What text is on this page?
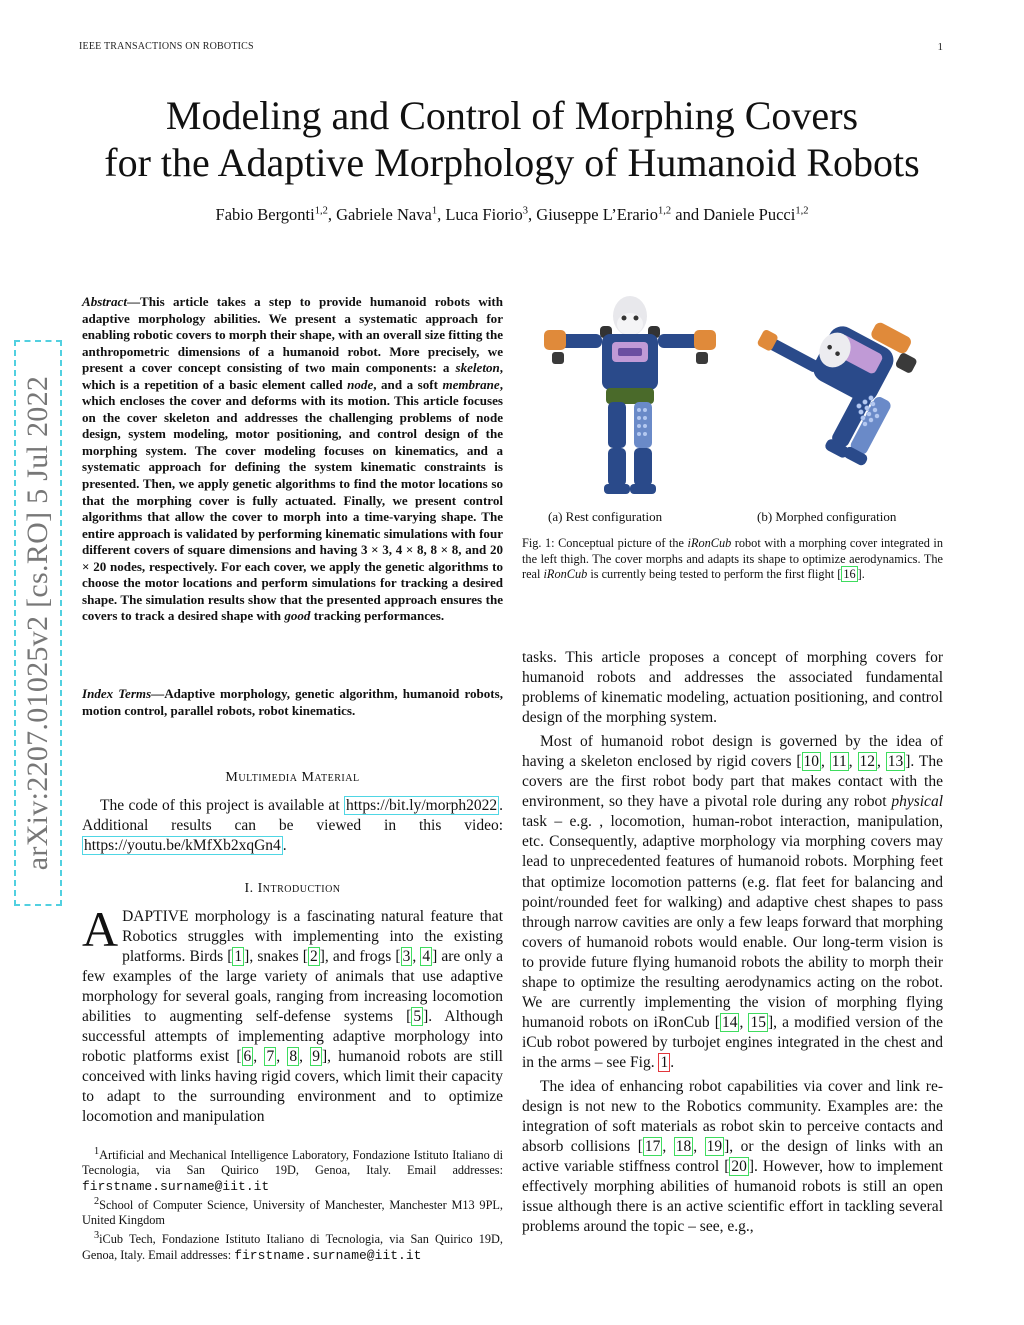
IEEE TRANSACTIONS ON ROBOTICS	1
arXiv:2207.01025v2 [cs.RO] 5 Jul 2022
Modeling and Control of Morphing Covers
for the Adaptive Morphology of Humanoid Robots
Fabio Bergonti$^{1,2}$, Gabriele Nava$^1$, Luca Fiorio$^3$, Giuseppe L’Erario$^{1,2}$ and Daniele Pucci$^{1,2}$
Abstract—This article takes a step to provide humanoid robots with adaptive morphology abilities. We present a systematic approach for enabling robotic covers to morph their shape, with an overall size fitting the anthropometric dimensions of a humanoid robot. More precisely, we present a cover concept consisting of two main components: a skeleton, which is a repetition of a basic element called node, and a soft membrane, which encloses the cover and deforms with its motion. This article focuses on the cover skeleton and addresses the challenging problems of node design, system modeling, motor positioning, and control design of the morphing system. The cover modeling focuses on kinematics, and a systematic approach for defining the system kinematic constraints is presented. Then, we apply genetic algorithms to find the motor locations so that the morphing cover is fully actuated. Finally, we present control algorithms that allow the cover to morph into a time-varying shape. The entire approach is validated by performing kinematic simulations with four different covers of square dimensions and having 3 × 3, 4 × 8, 8 × 8, and 20 × 20 nodes, respectively. For each cover, we apply the genetic algorithms to choose the motor locations and perform simulations for tracking a desired shape. The simulation results show that the presented approach ensures the covers to track a desired shape with good tracking performances.
Index Terms—Adaptive morphology, genetic algorithm, humanoid robots, motion control, parallel robots, robot kinematics.
Multimedia Material
The code of this project is available at https://bit.ly/morph2022 . Additional results can be viewed in this video: https://youtu.be/kMfXb2xqGn4 .
I. Introduction
ADAPTIVE morphology is a fascinating natural feature that Robotics struggles with implementing into the existing platforms. Birds [ 1 ], snakes [ 2 ], and frogs [ 3 , 4 ] are only a few examples of the large variety of animals that use adaptive morphology for several goals, ranging from increasing locomotion abilities to augmenting self-defense systems [ 5 ]. Although successful attempts of implementing adaptive morphology into robotic platforms exist [ 6 , 7 , 8 , 9 ], humanoid robots are still conceived with links having rigid covers, which limit their capacity to adapt to the surrounding environment and to optimize locomotion and manipulation

$^1$Artificial and Mechanical Intelligence Laboratory, Fondazione Istituto Italiano di Tecnologia, via San Quirico 19D, Genoa, Italy. Email addresses: firstname.surname@iit.it

$^2$School of Computer Science, University of Manchester, Manchester M13 9PL, United Kingdom

$^3$iCub Tech, Fondazione Istituto Italiano di Tecnologia, via San Quirico 19D, Genoa, Italy. Email addresses: firstname.surname@iit.it

(a) Rest configuration	(b) Morphed configuration
Fig. 1: Conceptual picture of the iRonCub robot with a morphing cover integrated in the left thigh. The cover morphs and adapts its shape to optimize aerodynamics. The real iRonCub is currently being tested to perform the first flight [ 16 ].

tasks. This article proposes a concept of morphing covers for humanoid robots and addresses the associated fundamental problems of kinematic modeling, actuation positioning, and control design of the morphing system.

Most of humanoid robot design is governed by the idea of having a skeleton enclosed by rigid covers [ 10 , 11 , 12 , 13 ]. The covers are the first robot body part that makes contact with the environment, so they have a pivotal role during any robot physical task – e.g. , locomotion, human-robot interaction, manipulation, etc. Consequently, adaptive morphology via morphing covers may lead to unprecedented features of humanoid robots. Morphing feet that optimize locomotion patterns (e.g. flat feet for balancing and point/rounded feet for walking) and adaptive chest shapes to pass through narrow cavities are only a few leaps forward that morphing covers of humanoid robots would enable. Our long-term vision is to provide future flying humanoid robots the ability to morph their shape to optimize the resulting aerodynamics acting on the robot. We are currently implementing the vision of morphing flying humanoid robots on iRonCub [ 14 , 15 ], a modified version of the iCub robot powered by turbojet engines integrated in the chest and in the arms – see Fig. 1 .

The idea of enhancing robot capabilities via cover and link re-design is not new to the Robotics community. Examples are: the integration of soft materials as robot skin to perceive contacts and absorb collisions [ 17 , 18 , 19 ], or the design of links with an active variable stiffness control [ 20 ]. However, how to implement effectively morphing abilities of humanoid robots is still an open issue although there is an active scientific effort in tackling several problems around the topic – see, e.g.,
